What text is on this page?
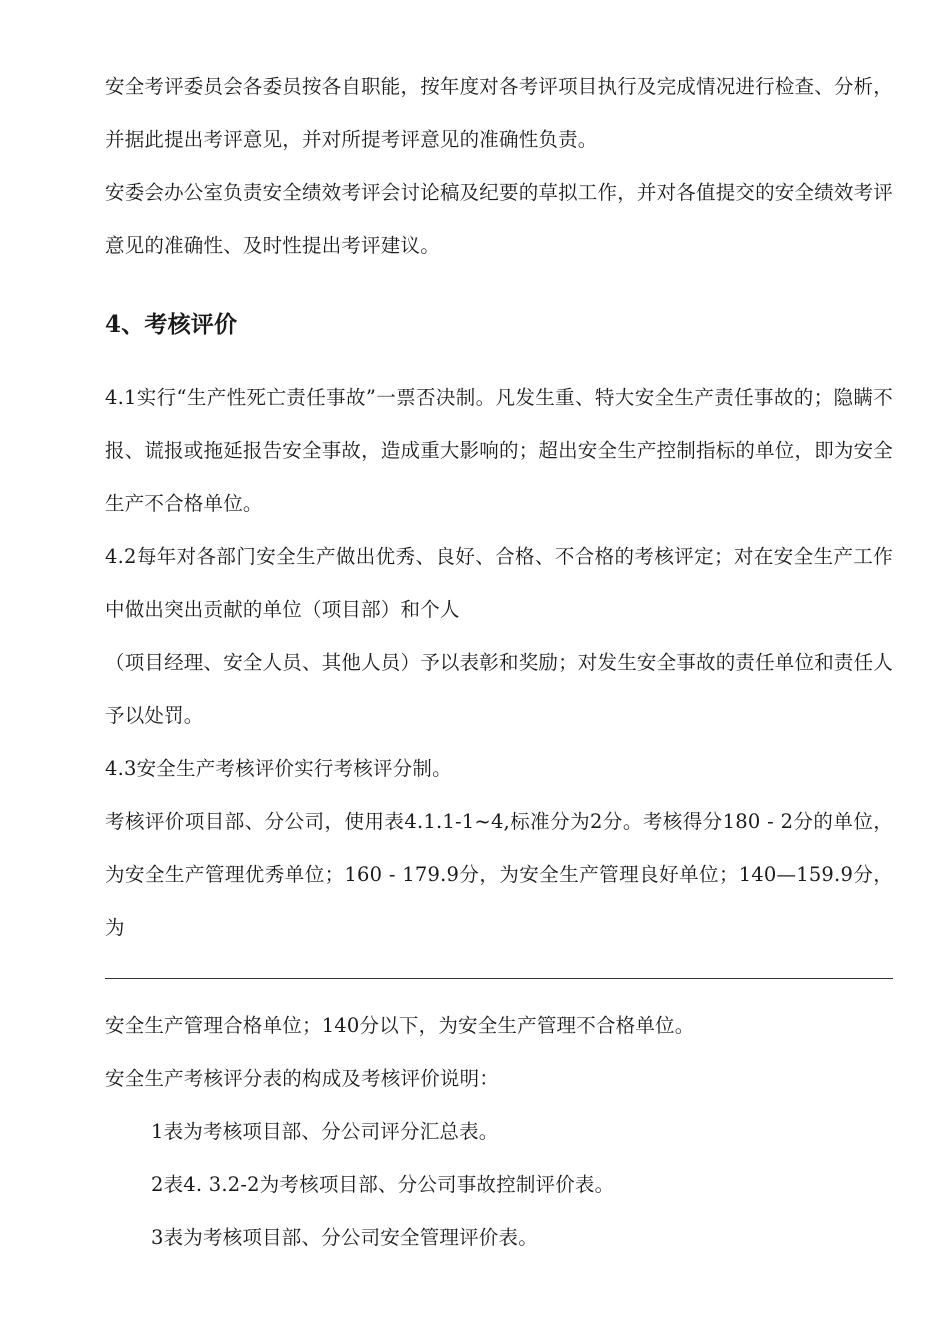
安全考评委员会各委员按各自职能，按年度对各考评项目执行及完成情况进行检查、分析，并据此提出考评意见，并对所提考评意见的准确性负责。

安委会办公室负责安全绩效考评会讨论稿及纪要的草拟工作，并对各值提交的安全绩效考评意见的准确性、及时性提出考评建议。

4、考核评价

4.1实行“生产性死亡责任事故”一票否决制。凡发生重、特大安全生产责任事故的；隐瞒不报、谎报或拖延报告安全事故，造成重大影响的；超出安全生产控制指标的单位，即为安全生产不合格单位。

4.2每年对各部门安全生产做出优秀、良好、合格、不合格的考核评定；对在安全生产工作中做出突出贡献的单位（项目部）和个人

（项目经理、安全人员、其他人员）予以表彰和奖励；对发生安全事故的责任单位和责任人予以处罚。

4.3安全生产考核评价实行考核评分制。

考核评价项目部、分公司，使用表4.1.1-1~4,标准分为2分。考核得分180 - 2分的单位，为安全生产管理优秀单位；160 - 179.9分，为安全生产管理良好单位；140—159.9分，为

安全生产管理合格单位；140分以下，为安全生产管理不合格单位。

安全生产考核评分表的构成及考核评价说明：

1表为考核项目部、分公司评分汇总表。

2表4. 3.2-2为考核项目部、分公司事故控制评价表。

3表为考核项目部、分公司安全管理评价表。
